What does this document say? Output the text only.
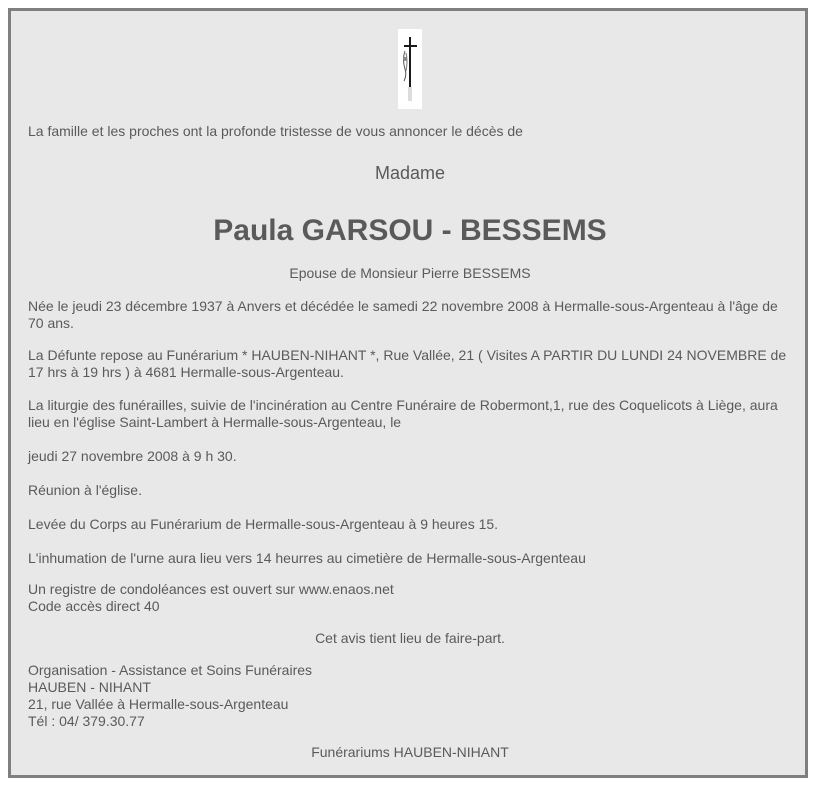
La famille et les proches ont la profonde tristesse de vous annoncer le décès de

Madame

Paula GARSOU - BESSEMS

Epouse de Monsieur Pierre BESSEMS

Née le jeudi 23 décembre 1937 à Anvers et décédée le samedi 22 novembre 2008 à Hermalle-sous-Argenteau à l'âge de 70 ans.

La Défunte repose au Funérarium * HAUBEN-NIHANT *, Rue Vallée, 21 ( Visites A PARTIR DU LUNDI 24 NOVEMBRE de 17 hrs à 19 hrs ) à 4681 Hermalle-sous-Argenteau.

La liturgie des funérailles, suivie de l'incinération au Centre Funéraire de Robermont,1, rue des Coquelicots à Liège, aura lieu en l'église Saint-Lambert à Hermalle-sous-Argenteau, le

jeudi 27 novembre 2008 à 9 h 30.

Réunion à l'église.

Levée du Corps au Funérarium de Hermalle-sous-Argenteau à 9 heures 15.

L'inhumation de l'urne aura lieu vers 14 heurres au cimetière de Hermalle-sous-Argenteau

Un registre de condoléances est ouvert sur www.enaos.net

Code accès direct 40

Cet avis tient lieu de faire-part.

Organisation - Assistance et Soins Funéraires

HAUBEN - NIHANT

21, rue Vallée à Hermalle-sous-Argenteau

Tél : 04/ 379.30.77

Funérariums HAUBEN-NIHANT
